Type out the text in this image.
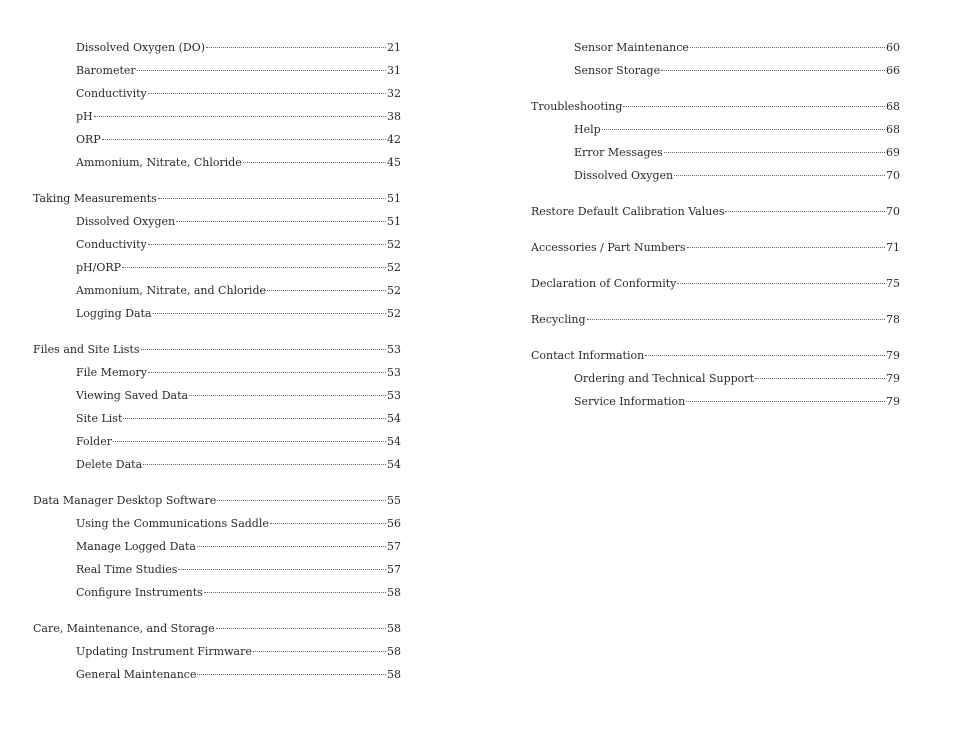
Dissolved Oxygen (DO)	21
Barometer	31
Conductivity	32
pH	38
ORP	42
Ammonium, Nitrate, Chloride	45
Taking Measurements	51
Dissolved Oxygen	51
Conductivity	52
pH/ORP	52
Ammonium, Nitrate, and Chloride	52
Logging Data	52
Files and Site Lists	53
File Memory	53
Viewing Saved Data	53
Site List	54
Folder	54
Delete Data	54
Data Manager Desktop Software	55
Using the Communications Saddle	56
Manage Logged Data	57
Real Time Studies	57
Configure Instruments	58
Care, Maintenance, and Storage	58
Updating Instrument Firmware	58
General Maintenance	58
Sensor Maintenance	60
Sensor Storage	66
Troubleshooting	68
Help	68
Error Messages	69
Dissolved Oxygen	70
Restore Default Calibration Values	70
Accessories / Part Numbers	71
Declaration of Conformity	75
Recycling	78
Contact Information	79
Ordering and Technical Support	79
Service Information	79
